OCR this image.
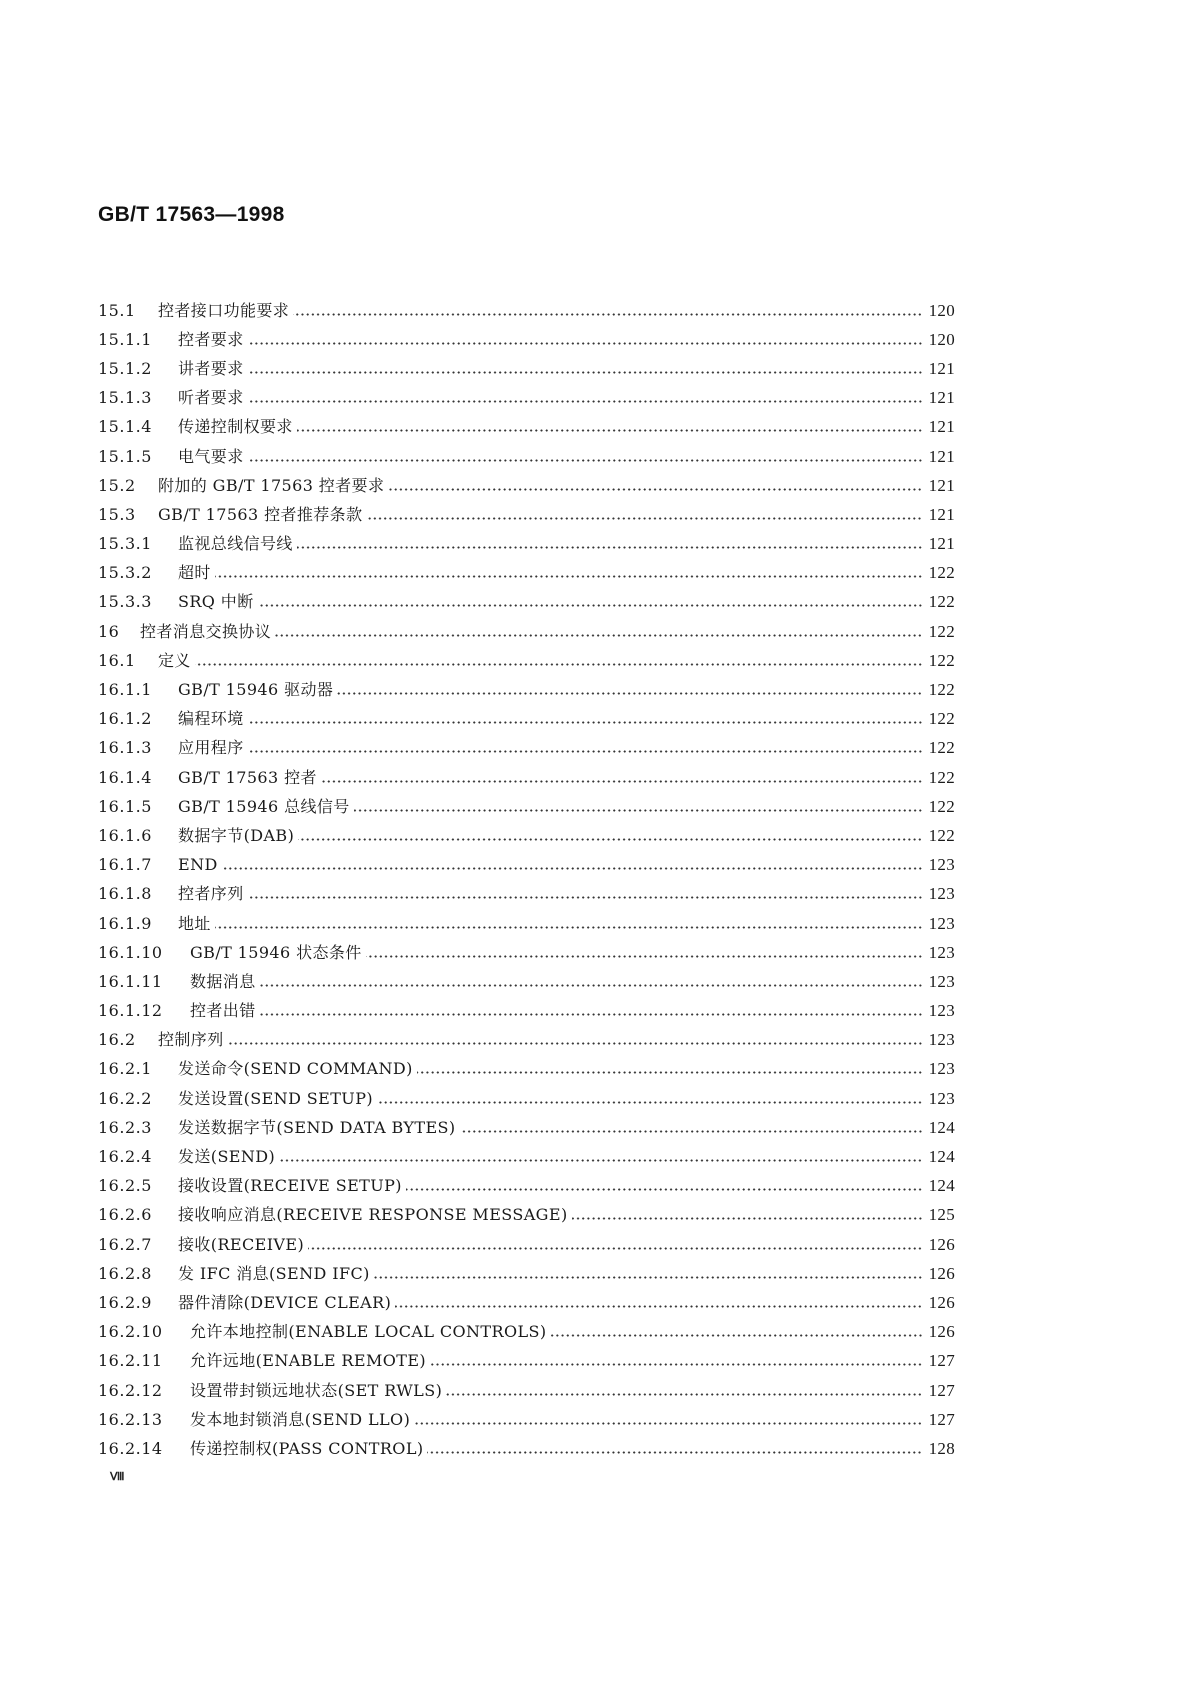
GB/T 17563—1998
15.1	控者接口功能要求	120
15.1.1	控者要求	120
15.1.2	讲者要求	121
15.1.3	听者要求	121
15.1.4	传递控制权要求	121
15.1.5	电气要求	121
15.2	附加的 GB/T 17563 控者要求	121
15.3	GB/T 17563 控者推荐条款	121
15.3.1	监视总线信号线	121
15.3.2	超时	122
15.3.3	SRQ 中断	122
16	控者消息交换协议	122
16.1	定义	122
16.1.1	GB/T 15946 驱动器	122
16.1.2	编程环境	122
16.1.3	应用程序	122
16.1.4	GB/T 17563 控者	122
16.1.5	GB/T 15946 总线信号	122
16.1.6	数据字节(DAB)	122
16.1.7	END	123
16.1.8	控者序列	123
16.1.9	地址	123
16.1.10	GB/T 15946 状态条件	123
16.1.11	数据消息	123
16.1.12	控者出错	123
16.2	控制序列	123
16.2.1	发送命令(SEND COMMAND)	123
16.2.2	发送设置(SEND SETUP)	123
16.2.3	发送数据字节(SEND DATA BYTES)	124
16.2.4	发送(SEND)	124
16.2.5	接收设置(RECEIVE SETUP)	124
16.2.6	接收响应消息(RECEIVE RESPONSE MESSAGE)	125
16.2.7	接收(RECEIVE)	126
16.2.8	发 IFC 消息(SEND IFC)	126
16.2.9	器件清除(DEVICE CLEAR)	126
16.2.10	允许本地控制(ENABLE LOCAL CONTROLS)	126
16.2.11	允许远地(ENABLE REMOTE)	127
16.2.12	设置带封锁远地状态(SET RWLS)	127
16.2.13	发本地封锁消息(SEND LLO)	127
16.2.14	传递控制权(PASS CONTROL)	128
Ⅷ
